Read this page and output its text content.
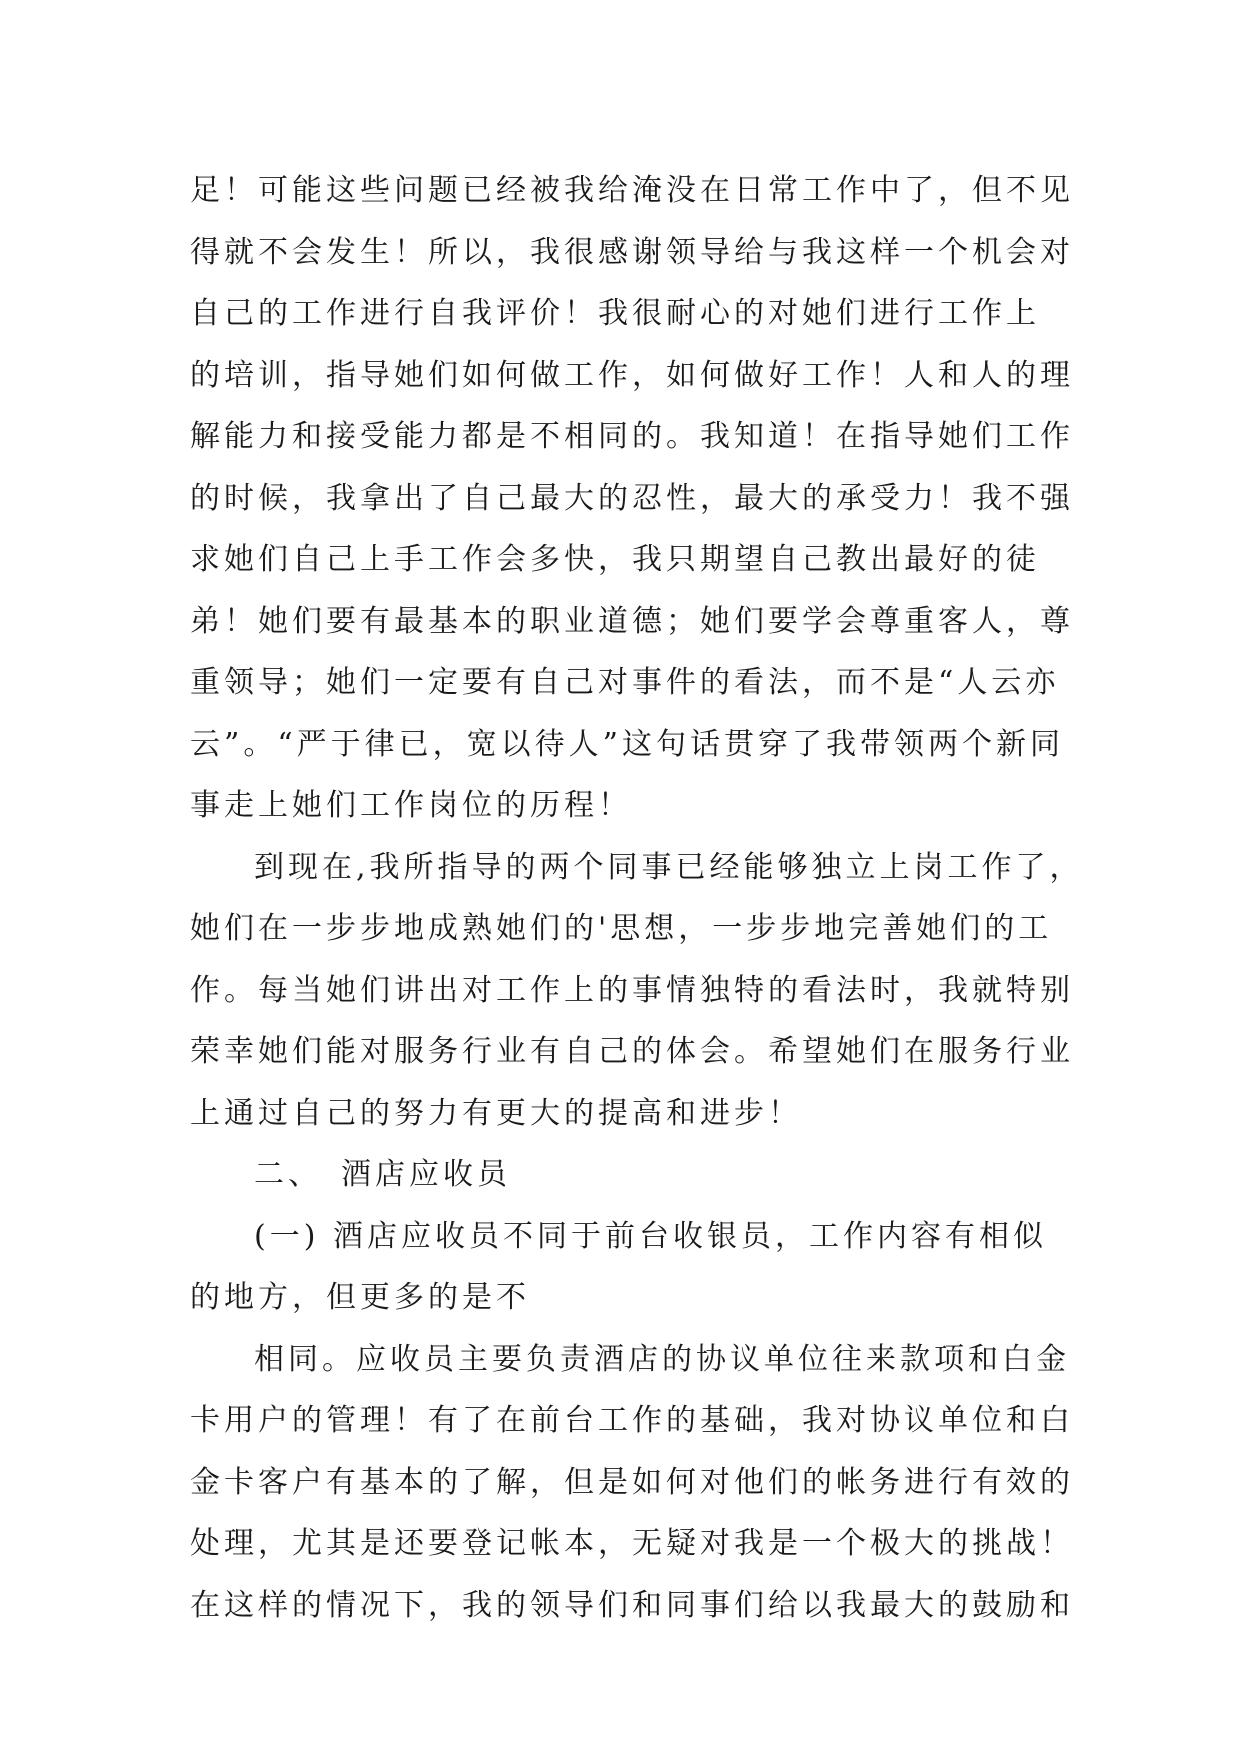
足！可能这些问题已经被我给淹没在日常工作中了，但不见
得就不会发生！所以，我很感谢领导给与我这样一个机会对
自己的工作进行自我评价！我很耐心的对她们进行工作上
的培训，指导她们如何做工作，如何做好工作！人和人的理
解能力和接受能力都是不相同的。我知道！在指导她们工作
的时候，我拿出了自己最大的忍性，最大的承受力！我不强
求她们自己上手工作会多快，我只期望自己教出最好的徒
弟！她们要有最基本的职业道德；她们要学会尊重客人，尊
重领导；她们一定要有自己对事件的看法，而不是“人云亦
云”。“严于律已，宽以待人”这句话贯穿了我带领两个新同
事走上她们工作岗位的历程！
到现在,我所指导的两个同事已经能够独立上岗工作了，
她们在一步步地成熟她们的'思想，一步步地完善她们的工
作。每当她们讲出对工作上的事情独特的看法时，我就特别
荣幸她们能对服务行业有自己的体会。希望她们在服务行业
上通过自己的努力有更大的提高和进步！
二、　酒店应收员
(一) 酒店应收员不同于前台收银员，工作内容有相似
的地方，但更多的是不
相同。应收员主要负责酒店的协议单位往来款项和白金
卡用户的管理！有了在前台工作的基础，我对协议单位和白
金卡客户有基本的了解，但是如何对他们的帐务进行有效的
处理，尤其是还要登记帐本，无疑对我是一个极大的挑战！
在这样的情况下，我的领导们和同事们给以我最大的鼓励和
